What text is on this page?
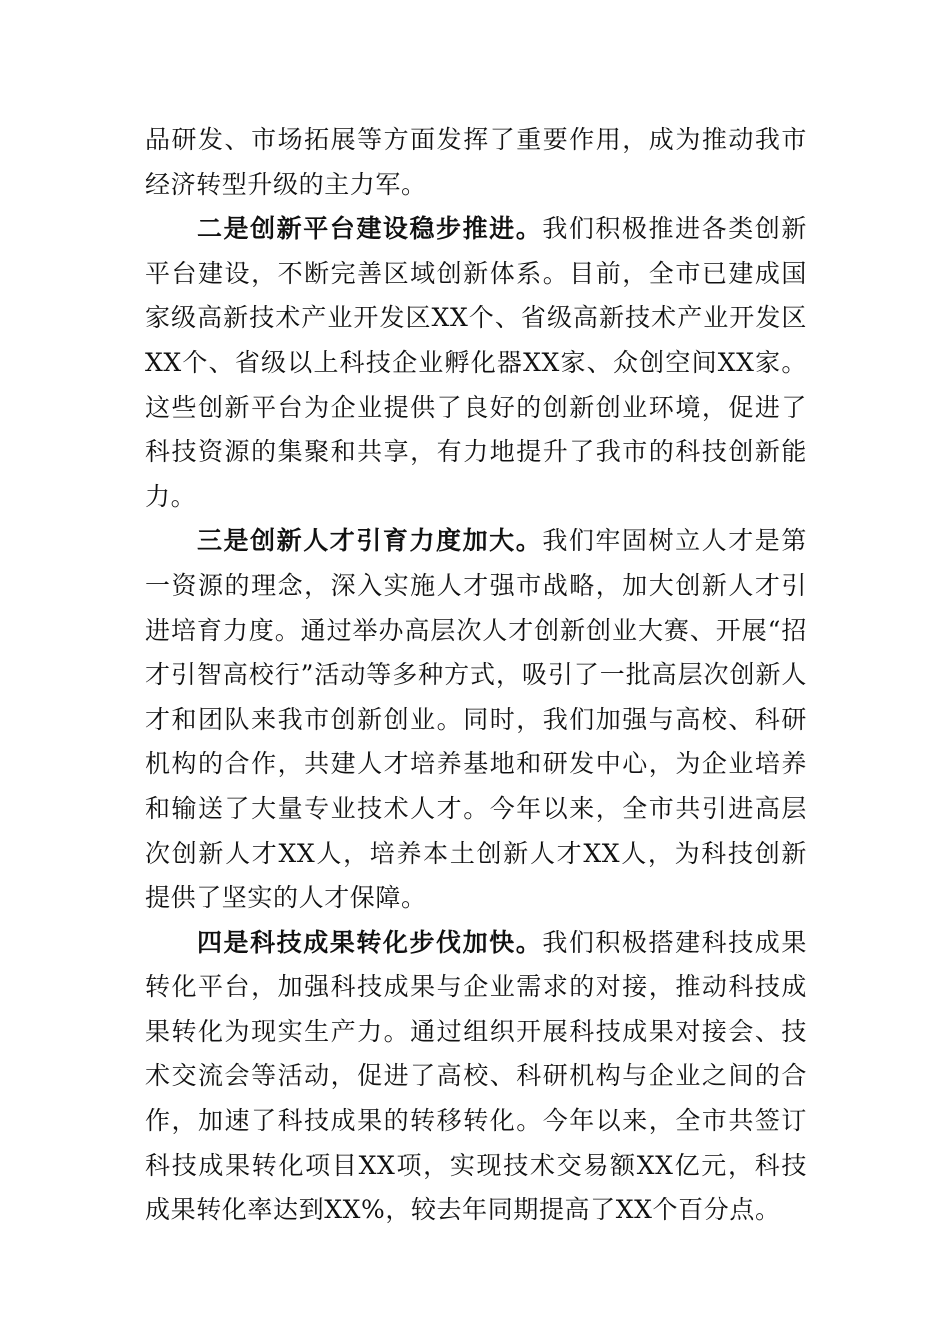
品研发、市场拓展等方面发挥了重要作用，成为推动我市经济转型升级的主力军。

二是创新平台建设稳步推进。我们积极推进各类创新平台建设，不断完善区域创新体系。目前，全市已建成国家级高新技术产业开发区XX个、省级高新技术产业开发区XX个、省级以上科技企业孵化器XX家、众创空间XX家。这些创新平台为企业提供了良好的创新创业环境，促进了科技资源的集聚和共享，有力地提升了我市的科技创新能力。

三是创新人才引育力度加大。我们牢固树立人才是第一资源的理念，深入实施人才强市战略，加大创新人才引进培育力度。通过举办高层次人才创新创业大赛、开展“招才引智高校行”活动等多种方式，吸引了一批高层次创新人才和团队来我市创新创业。同时，我们加强与高校、科研机构的合作，共建人才培养基地和研发中心，为企业培养和输送了大量专业技术人才。今年以来，全市共引进高层次创新人才XX人，培养本土创新人才XX人，为科技创新提供了坚实的人才保障。

四是科技成果转化步伐加快。我们积极搭建科技成果转化平台，加强科技成果与企业需求的对接，推动科技成果转化为现实生产力。通过组织开展科技成果对接会、技术交流会等活动，促进了高校、科研机构与企业之间的合作，加速了科技成果的转移转化。今年以来，全市共签订科技成果转化项目XX项，实现技术交易额XX亿元，科技成果转化率达到XX%，较去年同期提高了XX个百分点。
